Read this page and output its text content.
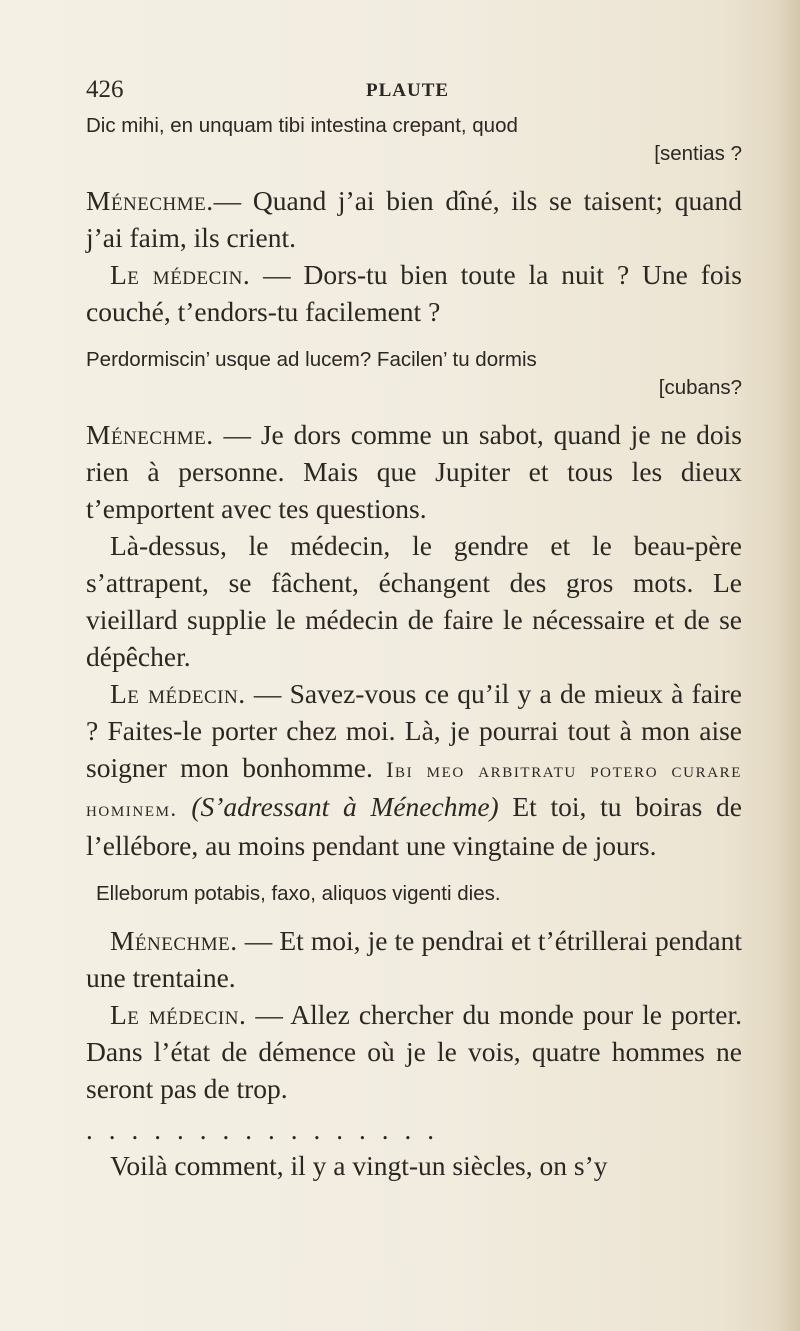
426	PLAUTE

Dic mihi, en unquam tibi intestina crepant, quod

[sentias ?

Ménechme.— Quand j’ai bien dîné, ils se taisent; quand j’ai faim, ils crient.

Le médecin. — Dors-tu bien toute la nuit ? Une fois couché, t’endors-tu facilement ?

Perdormiscin’ usque ad lucem? Facilen’ tu dormis

[cubans?

Ménechme. — Je dors comme un sabot, quand je ne dois rien à personne. Mais que Jupiter et tous les dieux t’emportent avec tes questions.

Là-dessus, le médecin, le gendre et le beau-père s’attrapent, se fâchent, échangent des gros mots. Le vieillard supplie le médecin de faire le nécessaire et de se dépêcher.

Le médecin. — Savez-vous ce qu’il y a de mieux à faire ? Faites-le porter chez moi. Là, je pourrai tout à mon aise soigner mon bonhomme. Ibi meo arbitratu potero curare hominem. (S’adressant à Ménechme) Et toi, tu boiras de l’ellébore, au moins pendant une vingtaine de jours.

Elleborum potabis, faxo, aliquos vigenti dies.

Ménechme. — Et moi, je te pendrai et t’étrillerai pendant une trentaine.

Le médecin. — Allez chercher du monde pour le porter. Dans l’état de démence où je le vois, quatre hommes ne seront pas de trop.

................

Voilà comment, il y a vingt-un siècles, on s’y
